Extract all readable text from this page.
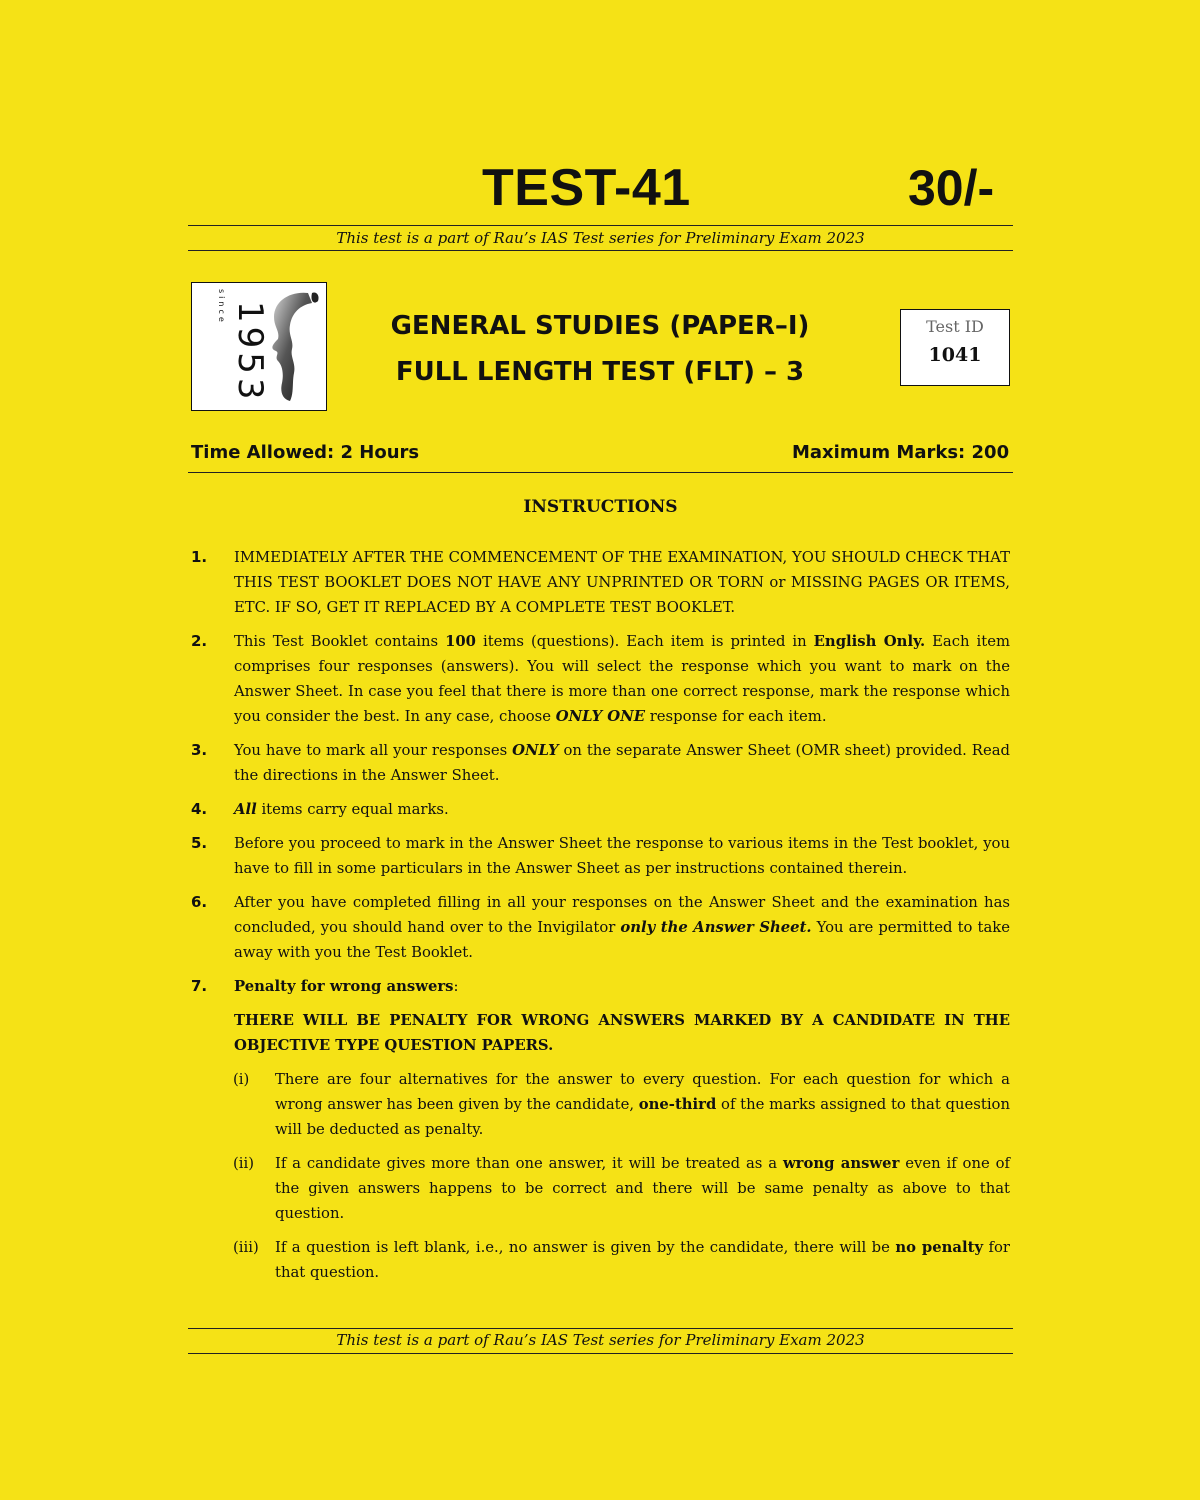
TEST-41	30/-
This test is a part of Rau’s IAS Test series for Preliminary Exam 2023
since 1953	GENERAL STUDIES (PAPER–I)
FULL LENGTH TEST (FLT) – 3
Test ID
1041
Time Allowed: 2 Hours	Maximum Marks: 200
INSTRUCTIONS
1. IMMEDIATELY AFTER THE COMMENCEMENT OF THE EXAMINATION, YOU SHOULD CHECK THAT THIS TEST BOOKLET DOES NOT HAVE ANY UNPRINTED OR TORN or MISSING PAGES OR ITEMS, ETC. IF SO, GET IT REPLACED BY A COMPLETE TEST BOOKLET.
2. This Test Booklet contains 100 items (questions). Each item is printed in English Only. Each item comprises four responses (answers). You will select the response which you want to mark on the Answer Sheet. In case you feel that there is more than one correct response, mark the response which you consider the best. In any case, choose ONLY ONE response for each item.
3. You have to mark all your responses ONLY on the separate Answer Sheet (OMR sheet) provided. Read the directions in the Answer Sheet.
4. All items carry equal marks.
5. Before you proceed to mark in the Answer Sheet the response to various items in the Test booklet, you have to fill in some particulars in the Answer Sheet as per instructions contained therein.
6. After you have completed filling in all your responses on the Answer Sheet and the examination has concluded, you should hand over to the Invigilator only the Answer Sheet. You are permitted to take away with you the Test Booklet.
7. Penalty for wrong answers:
THERE WILL BE PENALTY FOR WRONG ANSWERS MARKED BY A CANDIDATE IN THE OBJECTIVE TYPE QUESTION PAPERS.
(i) There are four alternatives for the answer to every question. For each question for which a wrong answer has been given by the candidate, one-third of the marks assigned to that question will be deducted as penalty.
(ii) If a candidate gives more than one answer, it will be treated as a wrong answer even if one of the given answers happens to be correct and there will be same penalty as above to that question.
(iii) If a question is left blank, i.e., no answer is given by the candidate, there will be no penalty for that question.
This test is a part of Rau’s IAS Test series for Preliminary Exam 2023
